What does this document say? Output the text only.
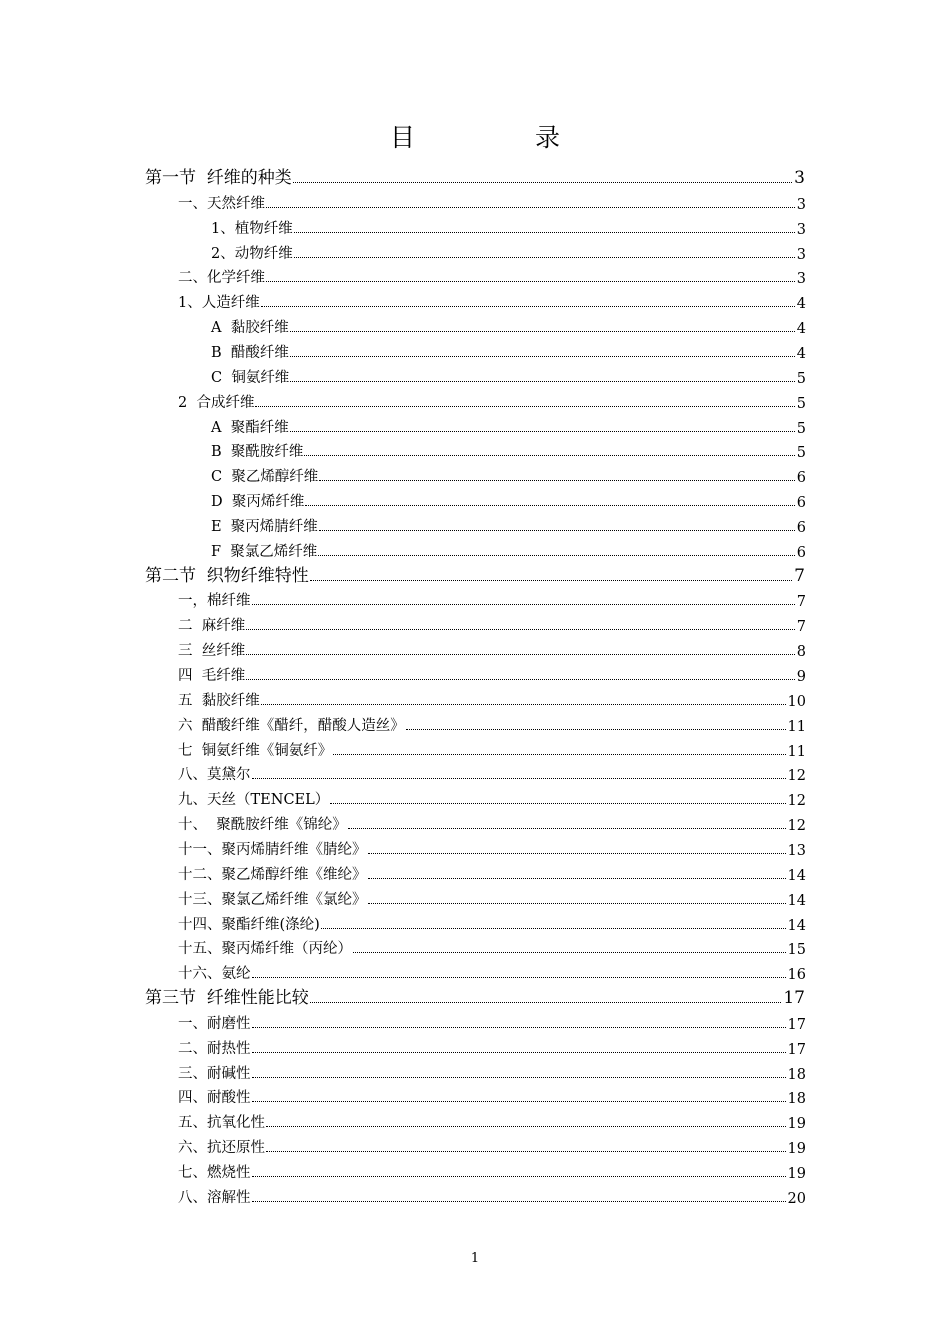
目 录
第一节  纤维的种类	3
一、天然纤维	3
1、植物纤维	3
2、动物纤维	3
二、化学纤维	3
1、人造纤维	4
A  黏胶纤维	4
B  醋酸纤维	4
C  铜氨纤维	5
2  合成纤维	5
A  聚酯纤维	5
B  聚酰胺纤维	5
C  聚乙烯醇纤维	6
D  聚丙烯纤维	6
E  聚丙烯腈纤维	6
F  聚氯乙烯纤维	6
第二节  织物纤维特性	7
一，棉纤维	7
二  麻纤维	7
三  丝纤维	8
四  毛纤维	9
五  黏胶纤维	10
六  醋酸纤维《醋纤，醋酸人造丝》	11
七  铜氨纤维《铜氨纤》	11
八、莫黛尔	12
九、天丝（TENCEL）	12
十、  聚酰胺纤维《锦纶》	12
十一、聚丙烯腈纤维《腈纶》	13
十二、聚乙烯醇纤维《维纶》	14
十三、聚氯乙烯纤维《氯纶》	14
十四、聚酯纤维(涤纶)	14
十五、聚丙烯纤维（丙纶）	15
十六、氨纶	16
第三节  纤维性能比较	17
一、耐磨性	17
二、耐热性	17
三、耐碱性	18
四、耐酸性	18
五、抗氧化性	19
六、抗还原性	19
七、燃烧性	19
八、溶解性	20
1
